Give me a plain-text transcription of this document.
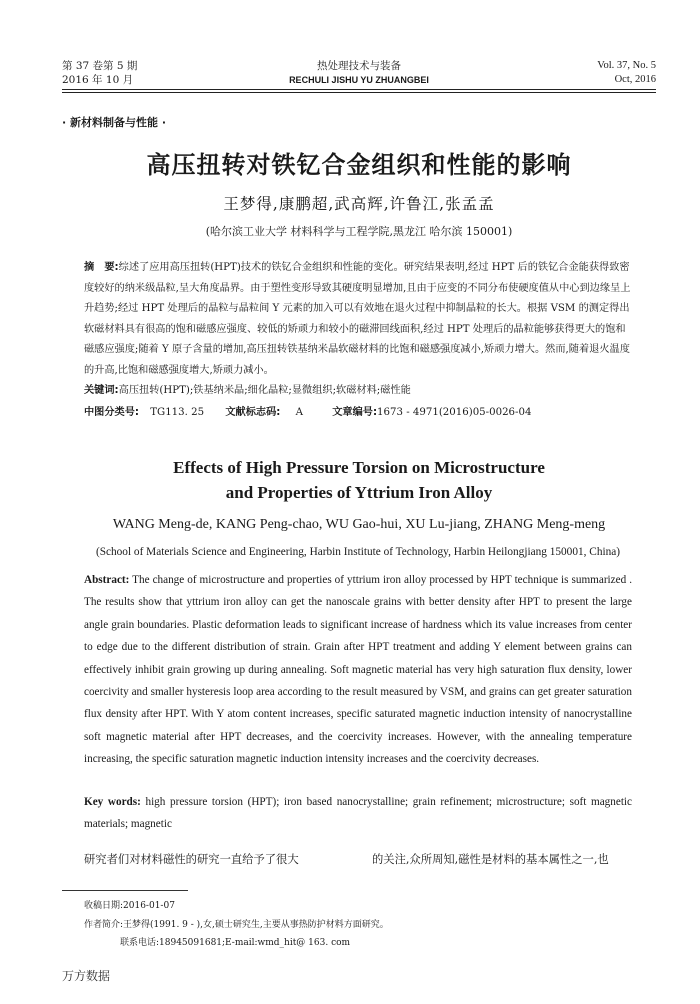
第 37 卷第 5 期
2016 年 10 月
热处理技术与装备
RECHULI JISHU YU ZHUANGBEI
Vol. 37, No. 5
Oct, 2016
· 新材料制备与性能 ·
高压扭转对铁钇合金组织和性能的影响
王梦得,康鹏超,武高辉,许鲁江,张孟孟
(哈尔滨工业大学 材料科学与工程学院,黑龙江 哈尔滨 150001)
摘　要:综述了应用高压扭转(HPT)技术的铁钇合金组织和性能的变化。研究结果表明,经过 HPT 后的铁钇合金能获得致密度较好的纳米级晶粒,呈大角度晶界。由于塑性变形导致其硬度明显增加,且由于应变的不同分布使硬度值从中心到边缘呈上升趋势;经过 HPT 处理后的晶粒与晶粒间 Y 元素的加入可以有效地在退火过程中抑制晶粒的长大。根据 VSM 的测定得出软磁材料具有很高的饱和磁感应强度、较低的矫顽力和较小的磁滞回线面积,经过 HPT 处理后的晶粒能够获得更大的饱和磁感应强度;随着 Y 原子含量的增加,高压扭转铁基纳米晶软磁材料的比饱和磁感强度减小,矫顽力增大。然而,随着退火温度的升高,比饱和磁感强度增大,矫顽力减小。
关键词:高压扭转(HPT);铁基纳米晶;细化晶粒;显微组织;软磁材料;磁性能
中图分类号: TG113. 25 文献标志码: A	文章编号:1673 - 4971(2016)05-0026-04
Effects of High Pressure Torsion on Microstructure
and Properties of Yttrium Iron Alloy
WANG Meng-de, KANG Peng-chao, WU Gao-hui, XU Lu-jiang, ZHANG Meng-meng
(School of Materials Science and Engineering, Harbin Institute of Technology, Harbin Heilongjiang 150001, China)
Abstract: The change of microstructure and properties of yttrium iron alloy processed by HPT technique is summarized . The results show that yttrium iron alloy can get the nanoscale grains with better density after HPT to present the large angle grain boundaries. Plastic deformation leads to significant increase of hardness which its value increases from center to edge due to the different distribution of strain. Grain after HPT treatment and adding Y element between grains can effectively inhibit grain growing up during annealing. Soft magnetic material has very high saturation flux density, lower coercivity and smaller hysteresis loop area according to the result measured by VSM, and grains can get greater saturation flux density after HPT. With Y atom content increases, specific saturated magnetic induction intensity of nanocrystalline soft magnetic material after HPT decreases, and the coercivity increases. However, with the annealing temperature increasing, the specific saturation magnetic induction intensity increases and the coercivity decreases.
Key words: high pressure torsion (HPT); iron based nanocrystalline; grain refinement; microstructure; soft magnetic materials; magnetic
研究者们对材料磁性的研究一直给予了很大	的关注,众所周知,磁性是材料的基本属性之一,也
收稿日期:2016-01-07
作者简介:王梦得(1991. 9 - ),女,硕士研究生,主要从事热防护材料方面研究。
联系电话:18945091681;E-mail:wmd_hit@ 163. com
万方数据
